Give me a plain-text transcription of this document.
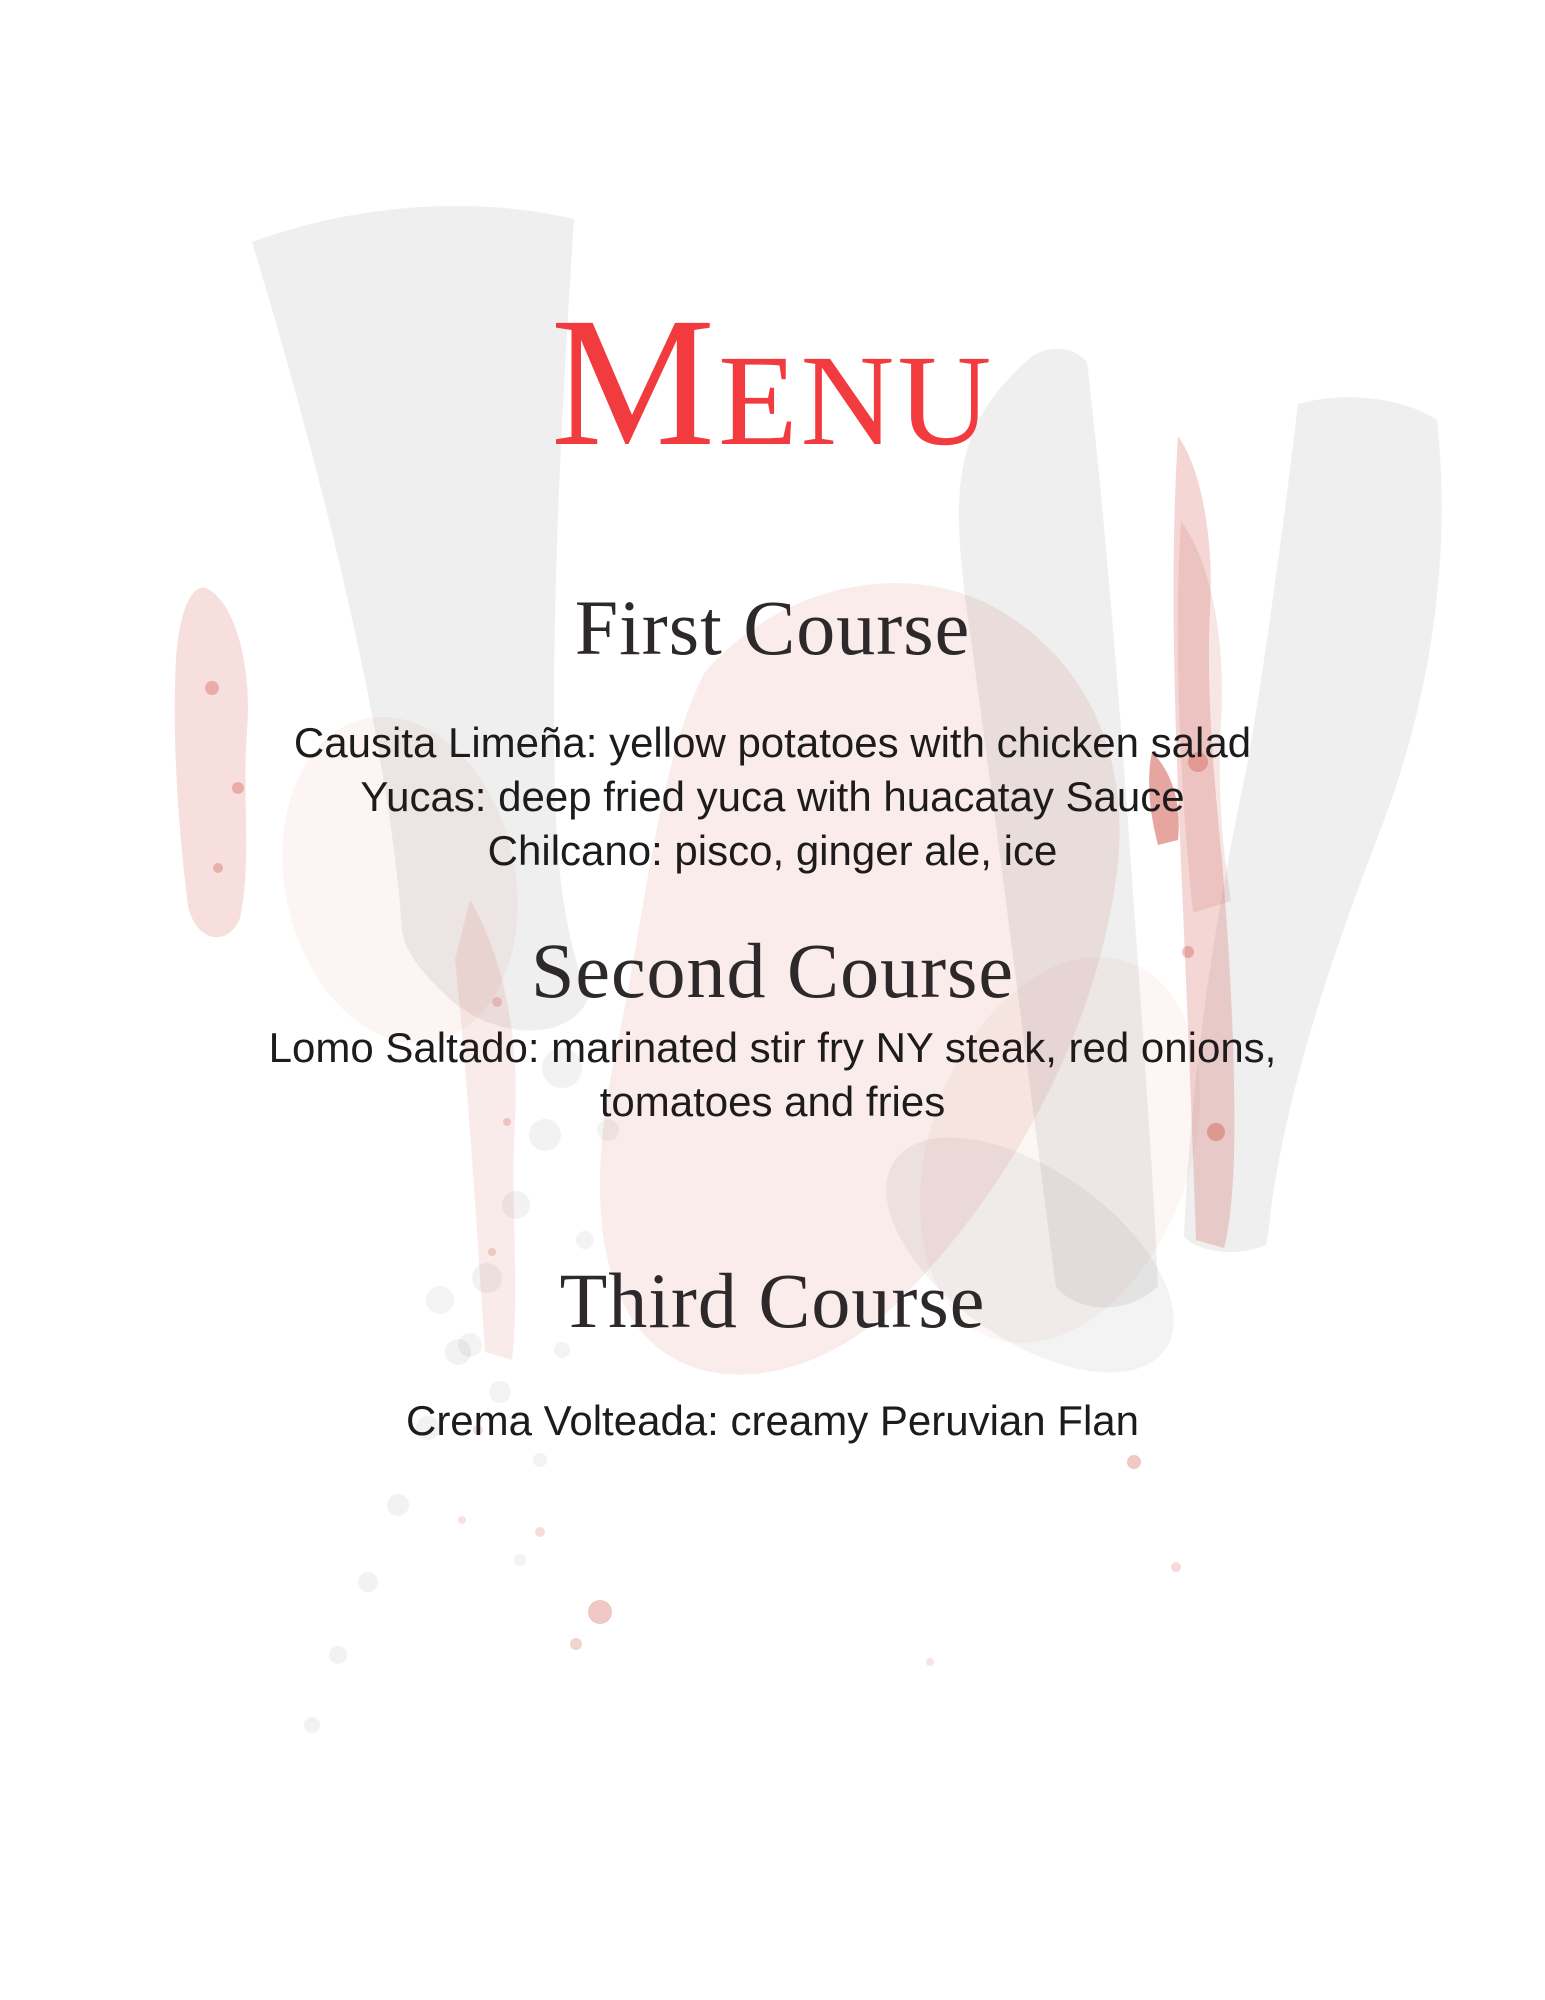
Menu
First Course

Causita Limeña: yellow potatoes with chicken salad

Yucas: deep fried yuca with huacatay Sauce

Chilcano: pisco, ginger ale, ice

Second Course

Lomo Saltado: marinated stir fry NY steak, red onions, tomatoes and fries

Third Course

Crema Volteada: creamy Peruvian Flan
